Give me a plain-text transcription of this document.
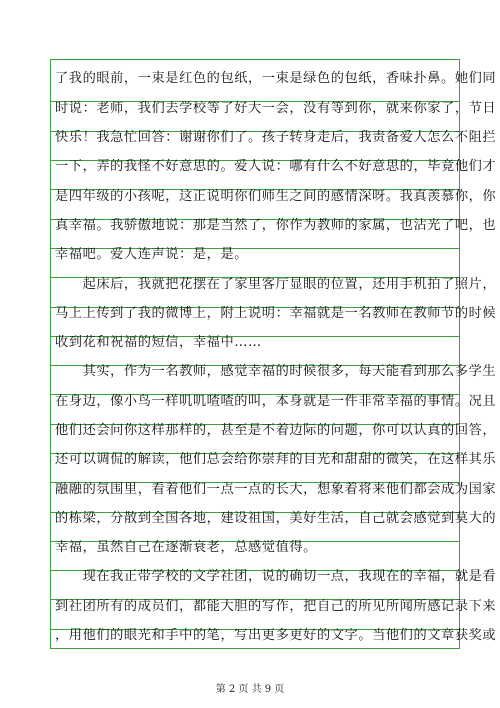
了我的眼前，一束是红色的包纸，一束是绿色的包纸，香味扑鼻。她们同
时说：老师，我们去学校等了好大一会，没有等到你，就来你家了，节日
快乐！我急忙回答：谢谢你们了。孩子转身走后，我责备爱人怎么不阻拦
一下，弄的我怪不好意思的。爱人说：哪有什么不好意思的，毕竟他们才
是四年级的小孩呢，这正说明你们师生之间的感情深呀。我真羡慕你，你
真幸福。我骄傲地说：那是当然了，你作为教师的家属，也沾光了吧，也
幸福吧。爱人连声说：是，是。
　　起床后，我就把花摆在了家里客厅显眼的位置，还用手机拍了照片，
马上上传到了我的微博上，附上说明：幸福就是一名教师在教师节的时候
收到花和祝福的短信，幸福中……
　　其实，作为一名教师，感觉幸福的时候很多，每天能看到那么多学生
在身边，像小鸟一样叽叽喳喳的叫，本身就是一件非常幸福的事情。况且
他们还会问你这样那样的，甚至是不着边际的问题，你可以认真的回答，
还可以调侃的解读，他们总会给你崇拜的目光和甜甜的微笑，在这样其乐
融融的氛围里，看着他们一点一点的长大，想象着将来他们都会成为国家
的栋梁，分散到全国各地，建设祖国，美好生活，自己就会感觉到莫大的
幸福，虽然自己在逐渐衰老，总感觉值得。
　　现在我正带学校的文学社团，说的确切一点，我现在的幸福，就是看
到社团所有的成员们，都能大胆的写作，把自己的所见所闻所感记录下来
，用他们的眼光和手中的笔，写出更多更好的文字。当他们的文章获奖或
第 2 页 共 9 页
